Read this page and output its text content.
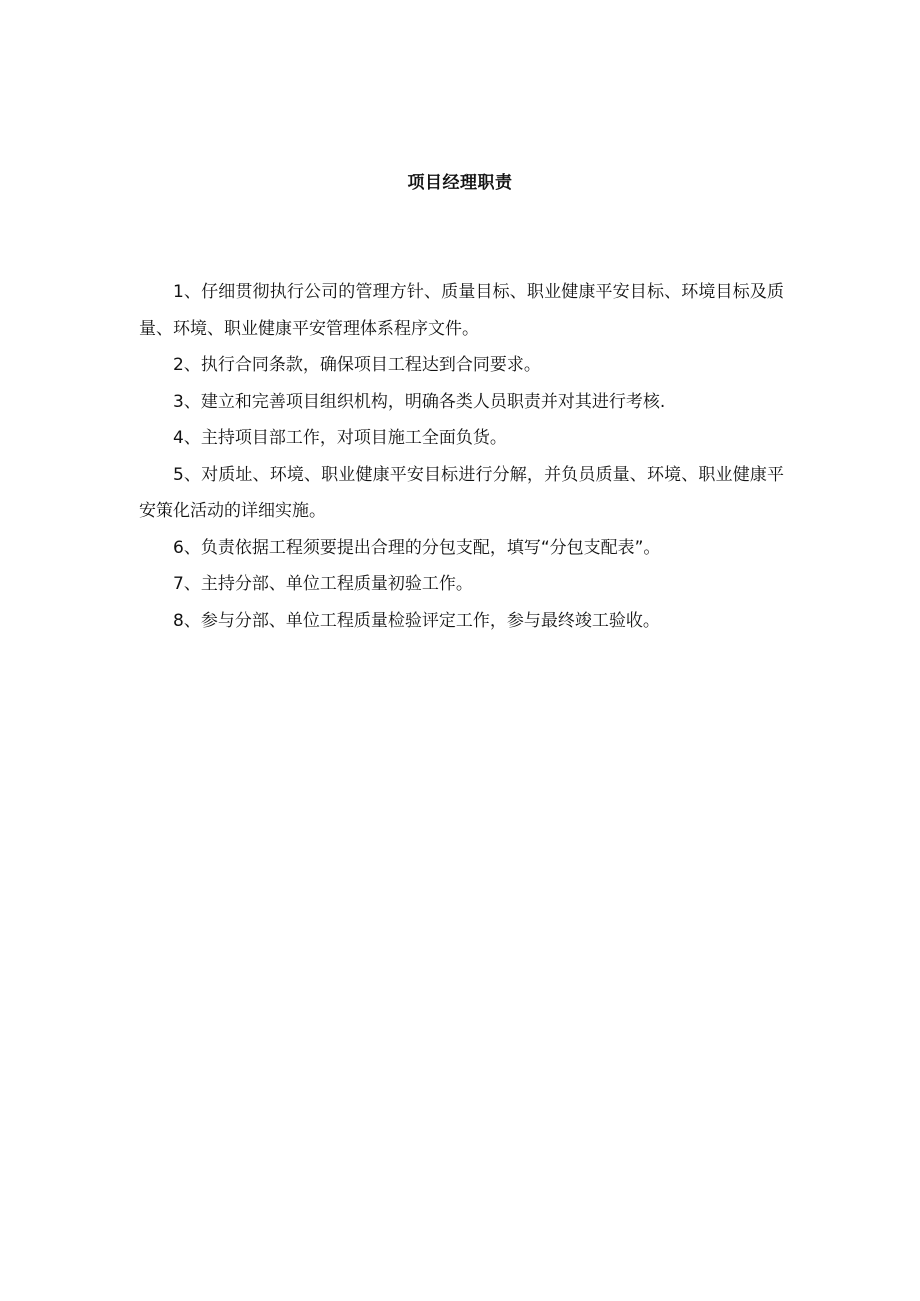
项目经理职责

1、仔细贯彻执行公司的管理方针、质量目标、职业健康平安目标、环境目标及质量、环境、职业健康平安管理体系程序文件。

2、执行合同条款，确保项目工程达到合同要求。

3、建立和完善项目组织机构，明确各类人员职责并对其进行考核.

4、主持项目部工作，对项目施工全面负货。

5、对质址、环境、职业健康平安目标进行分解，并负员质量、环境、职业健康平安策化活动的详细实施。

6、负责依据工程须要提出合理的分包支配，填写“分包支配表”。

7、主持分部、单位工程质量初验工作。

8、参与分部、单位工程质量检验评定工作，参与最终竣工验收。
